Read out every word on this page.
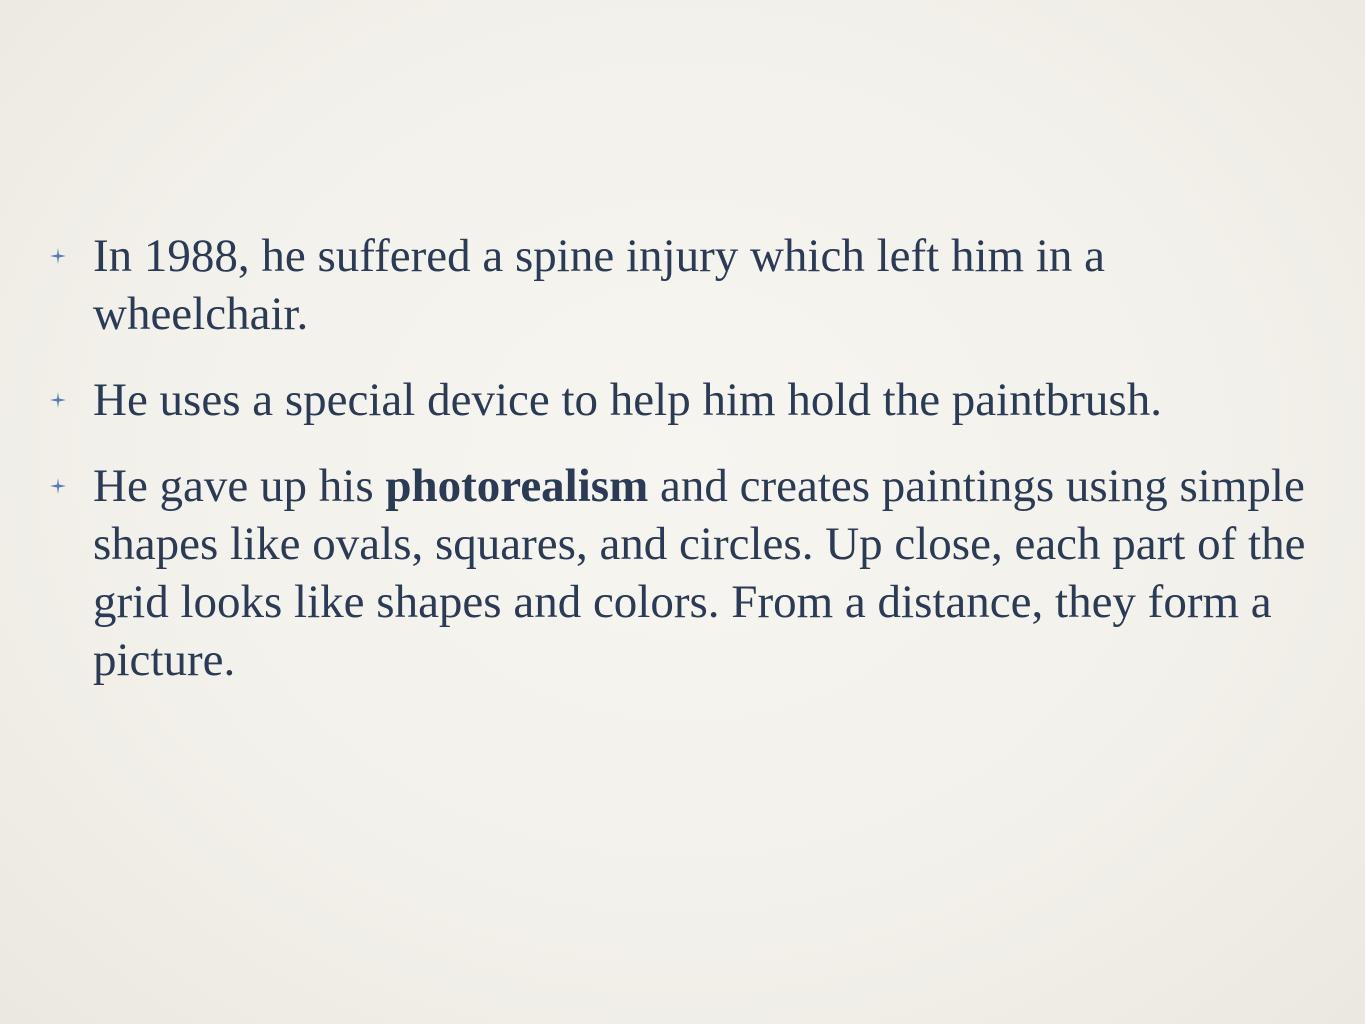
In 1988, he suffered a spine injury which left him in a wheelchair.
He uses a special device to help him hold the paintbrush.
He gave up his photorealism and creates paintings using simple shapes like ovals, squares, and circles. Up close, each part of the grid looks like shapes and colors. From a distance, they form a picture.
